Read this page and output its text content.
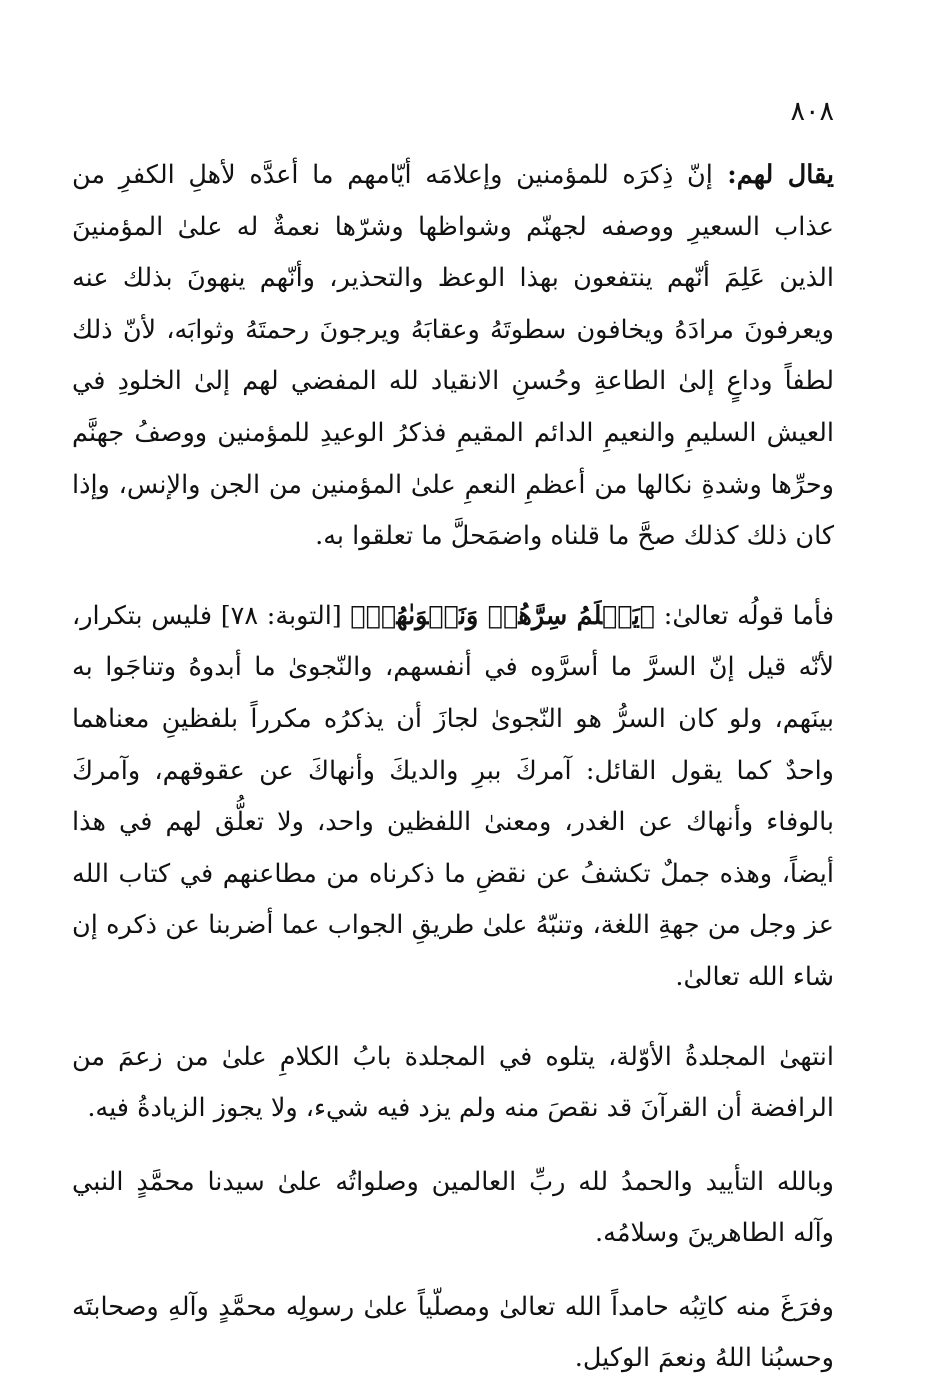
٨٠٨

يقال لهم: إنّ ذِكرَه للمؤمنين وإعلامَه أيّامهم ما أعدَّه لأهلِ الكفرِ من عذاب السعيرِ ووصفه لجهنّم وشواظها وشرّها نعمةٌ له علىٰ المؤمنينَ الذين عَلِمَ أنّهم ينتفعون بهذا الوعظ والتحذير، وأنّهم ينهونَ بذلك عنه ويعرفونَ مرادَهُ ويخافون سطوتَهُ وعقابَهُ ويرجونَ رحمتَهُ وثوابَه، لأنّ ذلك لطفاً وداعٍ إلىٰ الطاعةِ وحُسنِ الانقياد لله المفضي لهم إلىٰ الخلودِ في العيش السليمِ والنعيمِ الدائم المقيمِ فذكرُ الوعيدِ للمؤمنين ووصفُ جهنَّم وحرِّها وشدةِ نكالها من أعظمِ النعمِ علىٰ المؤمنين من الجن والإنس، وإذا كان ذلك كذلك صحَّ ما قلناه واضمَحلَّ ما تعلقوا به.

فأما قولُه تعالىٰ: ﴿يَعۡلَمُ سِرَّهُمۡ وَنَجۡوَىٰهُمۡ﴾ [التوبة: ٧٨] فليس بتكرار، لأنّه قيل إنّ السرَّ ما أسرَّوه في أنفسهم، والنّجوىٰ ما أبدوهُ وتناجَوا به بينَهم، ولو كان السرُّ هو النّجوىٰ لجازَ أن يذكرُه مكرراً بلفظينِ معناهما واحدٌ كما يقول القائل: آمركَ ببرِ والديكَ وأنهاكَ عن عقوقهم، وآمركَ بالوفاء وأنهاك عن الغدر، ومعنىٰ اللفظين واحد، ولا تعلُّق لهم في هذا أيضاً، وهذه جملٌ تكشفُ عن نقضِ ما ذكرناه من مطاعنهم في كتاب الله عز وجل من جهةِ اللغة، وتنبّهُ علىٰ طريقِ الجواب عما أضربنا عن ذكره إن شاء الله تعالىٰ.

انتهىٰ المجلدةُ الأوّلة، يتلوه في المجلدة بابُ الكلامِ علىٰ من زعمَ من الرافضة أن القرآنَ قد نقصَ منه ولم يزد فيه شيء، ولا يجوز الزيادةُ فيه.

وبالله التأييد والحمدُ لله ربِّ العالمين وصلواتُه علىٰ سيدنا محمَّدٍ النبي وآله الطاهرينَ وسلامُه.

وفرَغَ منه كاتِبُه حامداً الله تعالىٰ ومصلّياً علىٰ رسولِه محمَّدٍ وآلهِ وصحابتَه وحسبُنا اللهُ ونعمَ الوكيل.
